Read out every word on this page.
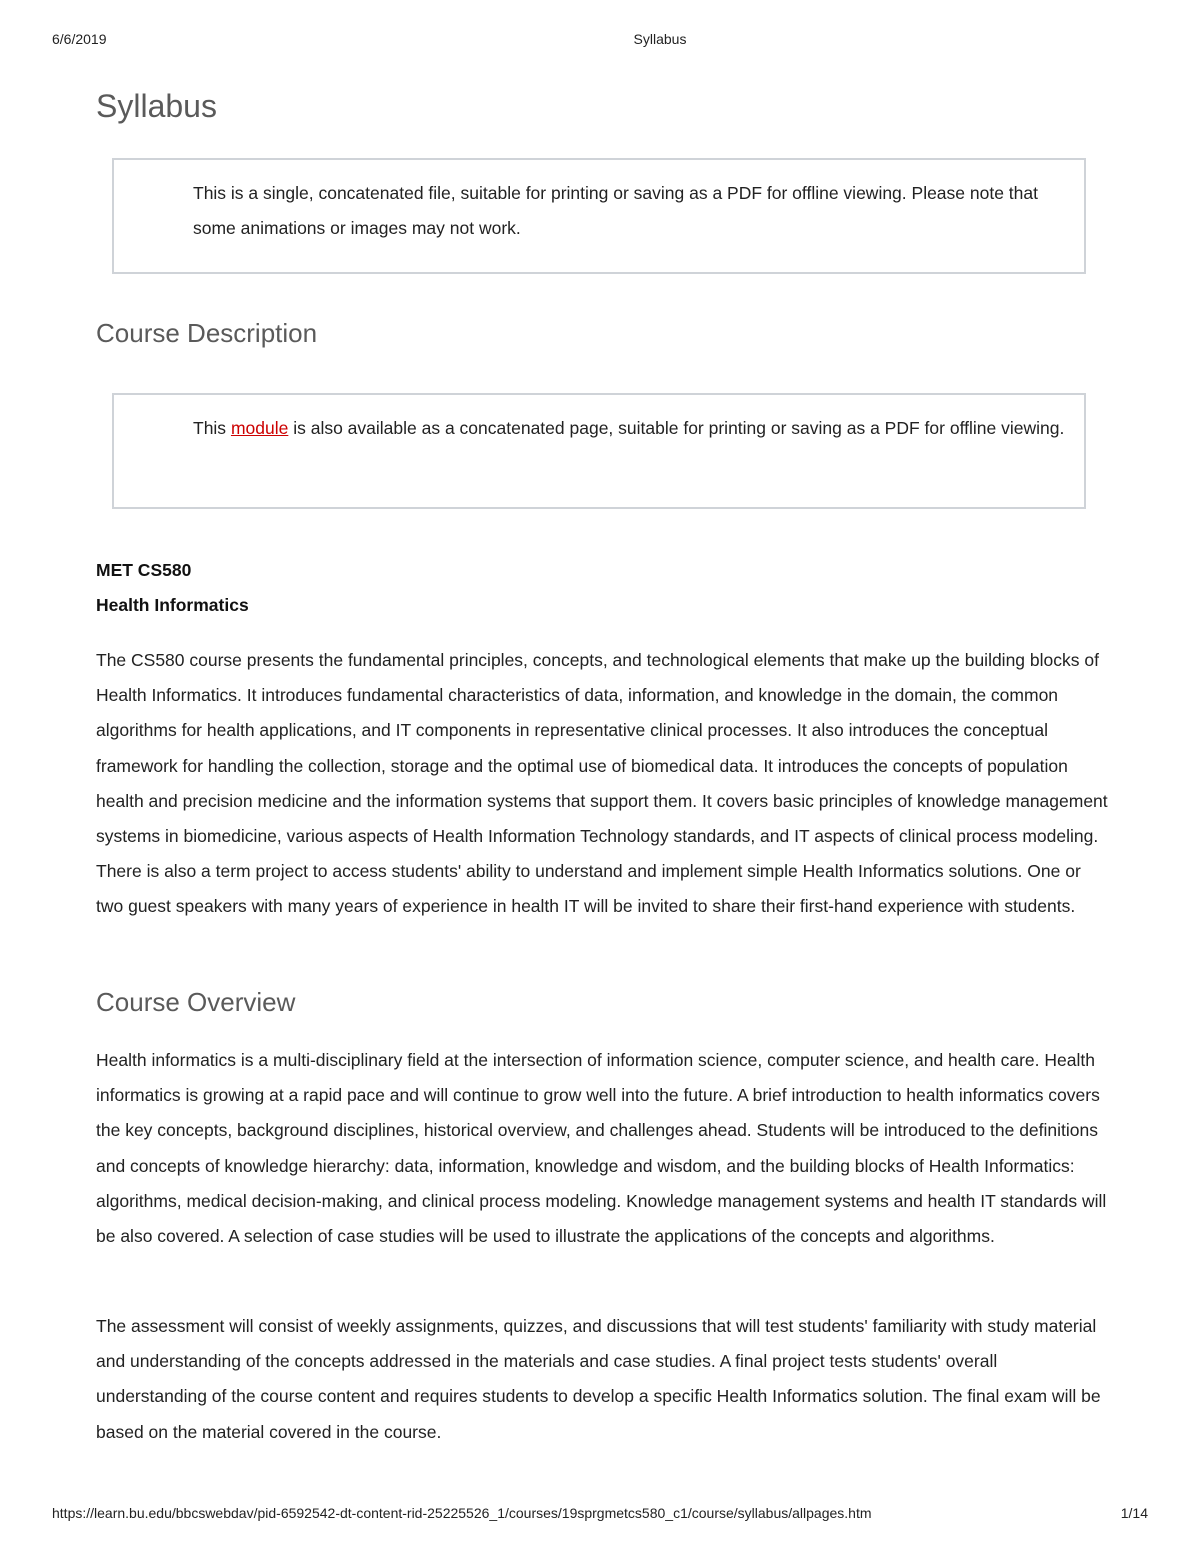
6/6/2019	Syllabus
Syllabus
This is a single, concatenated file, suitable for printing or saving as a PDF for offline viewing. Please note that some animations or images may not work.
Course Description
This module is also available as a concatenated page, suitable for printing or saving as a PDF for offline viewing.
MET CS580
Health Informatics

The CS580 course presents the fundamental principles, concepts, and technological elements that make up the building blocks of Health Informatics. It introduces fundamental characteristics of data, information, and knowledge in the domain, the common algorithms for health applications, and IT components in representative clinical processes. It also introduces the conceptual framework for handling the collection, storage and the optimal use of biomedical data. It introduces the concepts of population health and precision medicine and the information systems that support them. It covers basic principles of knowledge management systems in biomedicine, various aspects of Health Information Technology standards, and IT aspects of clinical process modeling. There is also a term project to access students' ability to understand and implement simple Health Informatics solutions. One or two guest speakers with many years of experience in health IT will be invited to share their first-hand experience with students.

Course Overview

Health informatics is a multi-disciplinary field at the intersection of information science, computer science, and health care. Health informatics is growing at a rapid pace and will continue to grow well into the future. A brief introduction to health informatics covers the key concepts, background disciplines, historical overview, and challenges ahead. Students will be introduced to the definitions and concepts of knowledge hierarchy: data, information, knowledge and wisdom, and the building blocks of Health Informatics: algorithms, medical decision-making, and clinical process modeling. Knowledge management systems and health IT standards will be also covered. A selection of case studies will be used to illustrate the applications of the concepts and algorithms.

The assessment will consist of weekly assignments, quizzes, and discussions that will test students' familiarity with study material and understanding of the concepts addressed in the materials and case studies. A final project tests students' overall understanding of the course content and requires students to develop a specific Health Informatics solution. The final exam will be based on the material covered in the course.

https://learn.bu.edu/bbcswebdav/pid-6592542-dt-content-rid-25225526_1/courses/19sprgmetcs580_c1/course/syllabus/allpages.htm	1/14
